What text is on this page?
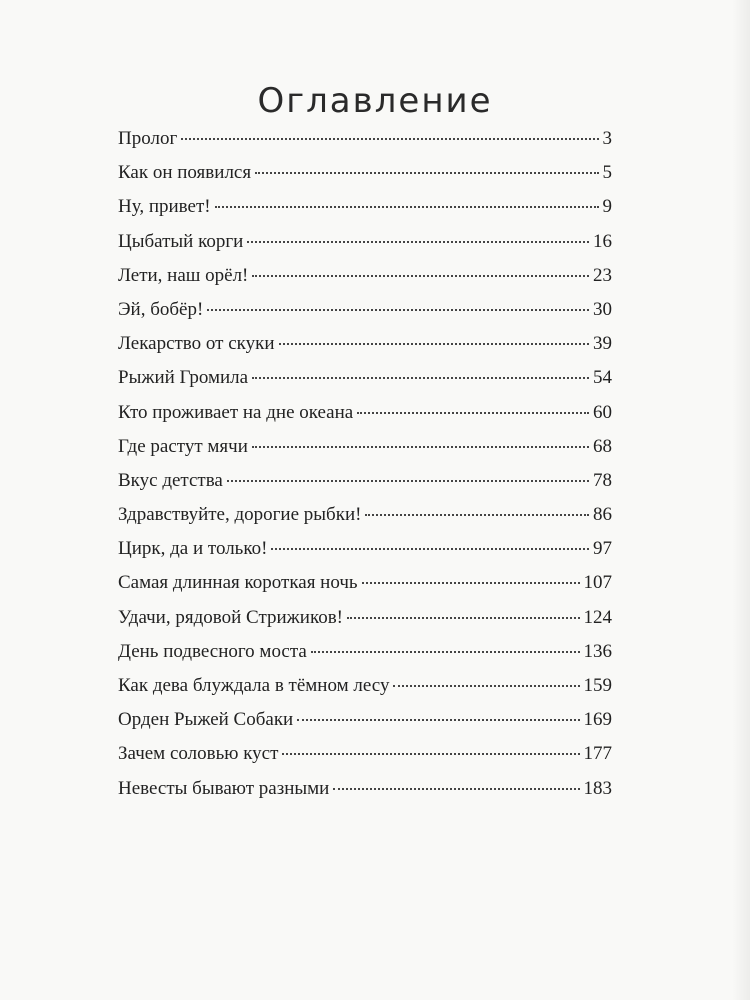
Оглавление
Пролог	3
Как он появился	5
Ну, привет!	9
Цыбатый корги	16
Лети, наш орёл!	23
Эй, бобёр!	30
Лекарство от скуки	39
Рыжий Громила	54
Кто проживает на дне океана	60
Где растут мячи	68
Вкус детства	78
Здравствуйте, дорогие рыбки!	86
Цирк, да и только!	97
Самая длинная короткая ночь	107
Удачи, рядовой Стрижиков!	124
День подвесного моста	136
Как дева блуждала в тёмном лесу	159
Орден Рыжей Собаки	169
Зачем соловью куст	177
Невесты бывают разными	183
